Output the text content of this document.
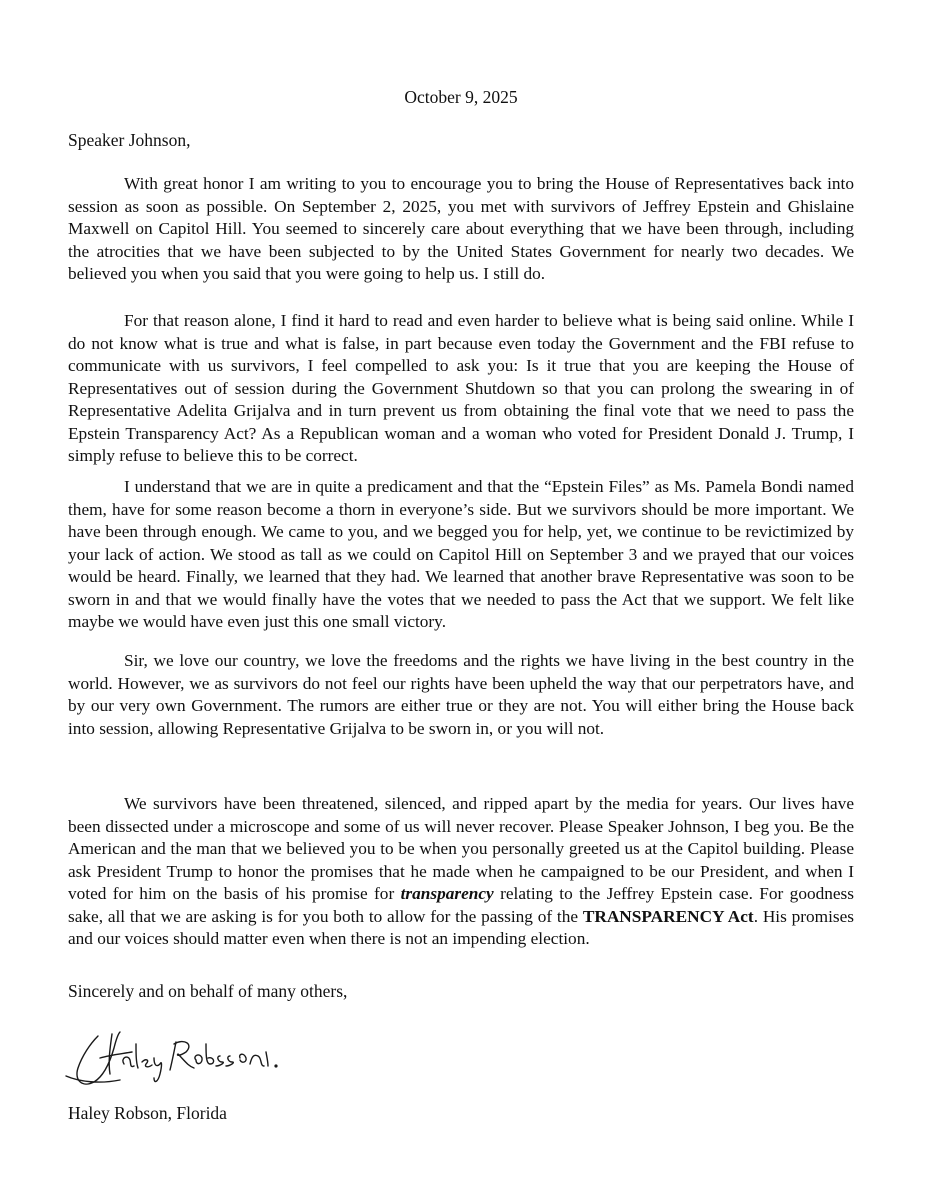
October 9, 2025
Speaker Johnson,

With great honor I am writing to you to encourage you to bring the House of Representatives back into session as soon as possible. On September 2, 2025, you met with survivors of Jeffrey Epstein and Ghislaine Maxwell on Capitol Hill. You seemed to sincerely care about everything that we have been through, including the atrocities that we have been subjected to by the United States Government for nearly two decades. We believed you when you said that you were going to help us. I still do.

For that reason alone, I find it hard to read and even harder to believe what is being said online. While I do not know what is true and what is false, in part because even today the Government and the FBI refuse to communicate with us survivors, I feel compelled to ask you: Is it true that you are keeping the House of Representatives out of session during the Government Shutdown so that you can prolong the swearing in of Representative Adelita Grijalva and in turn prevent us from obtaining the final vote that we need to pass the Epstein Transparency Act? As a Republican woman and a woman who voted for President Donald J. Trump, I simply refuse to believe this to be correct.

I understand that we are in quite a predicament and that the “Epstein Files” as Ms. Pamela Bondi named them, have for some reason become a thorn in everyone’s side. But we survivors should be more important. We have been through enough. We came to you, and we begged you for help, yet, we continue to be revictimized by your lack of action. We stood as tall as we could on Capitol Hill on September 3 and we prayed that our voices would be heard. Finally, we learned that they had. We learned that another brave Representative was soon to be sworn in and that we would finally have the votes that we needed to pass the Act that we support. We felt like maybe we would have even just this one small victory.

Sir, we love our country, we love the freedoms and the rights we have living in the best country in the world. However, we as survivors do not feel our rights have been upheld the way that our perpetrators have, and by our very own Government. The rumors are either true or they are not. You will either bring the House back into session, allowing Representative Grijalva to be sworn in, or you will not.

We survivors have been threatened, silenced, and ripped apart by the media for years. Our lives have been dissected under a microscope and some of us will never recover. Please Speaker Johnson, I beg you. Be the American and the man that we believed you to be when you personally greeted us at the Capitol building. Please ask President Trump to honor the promises that he made when he campaigned to be our President, and when I voted for him on the basis of his promise for transparency relating to the Jeffrey Epstein case. For goodness sake, all that we are asking is for you both to allow for the passing of the TRANSPARENCY Act. His promises and our voices should matter even when there is not an impending election.

Sincerely and on behalf of many others,
Haley Robson
Haley Robson, Florida
